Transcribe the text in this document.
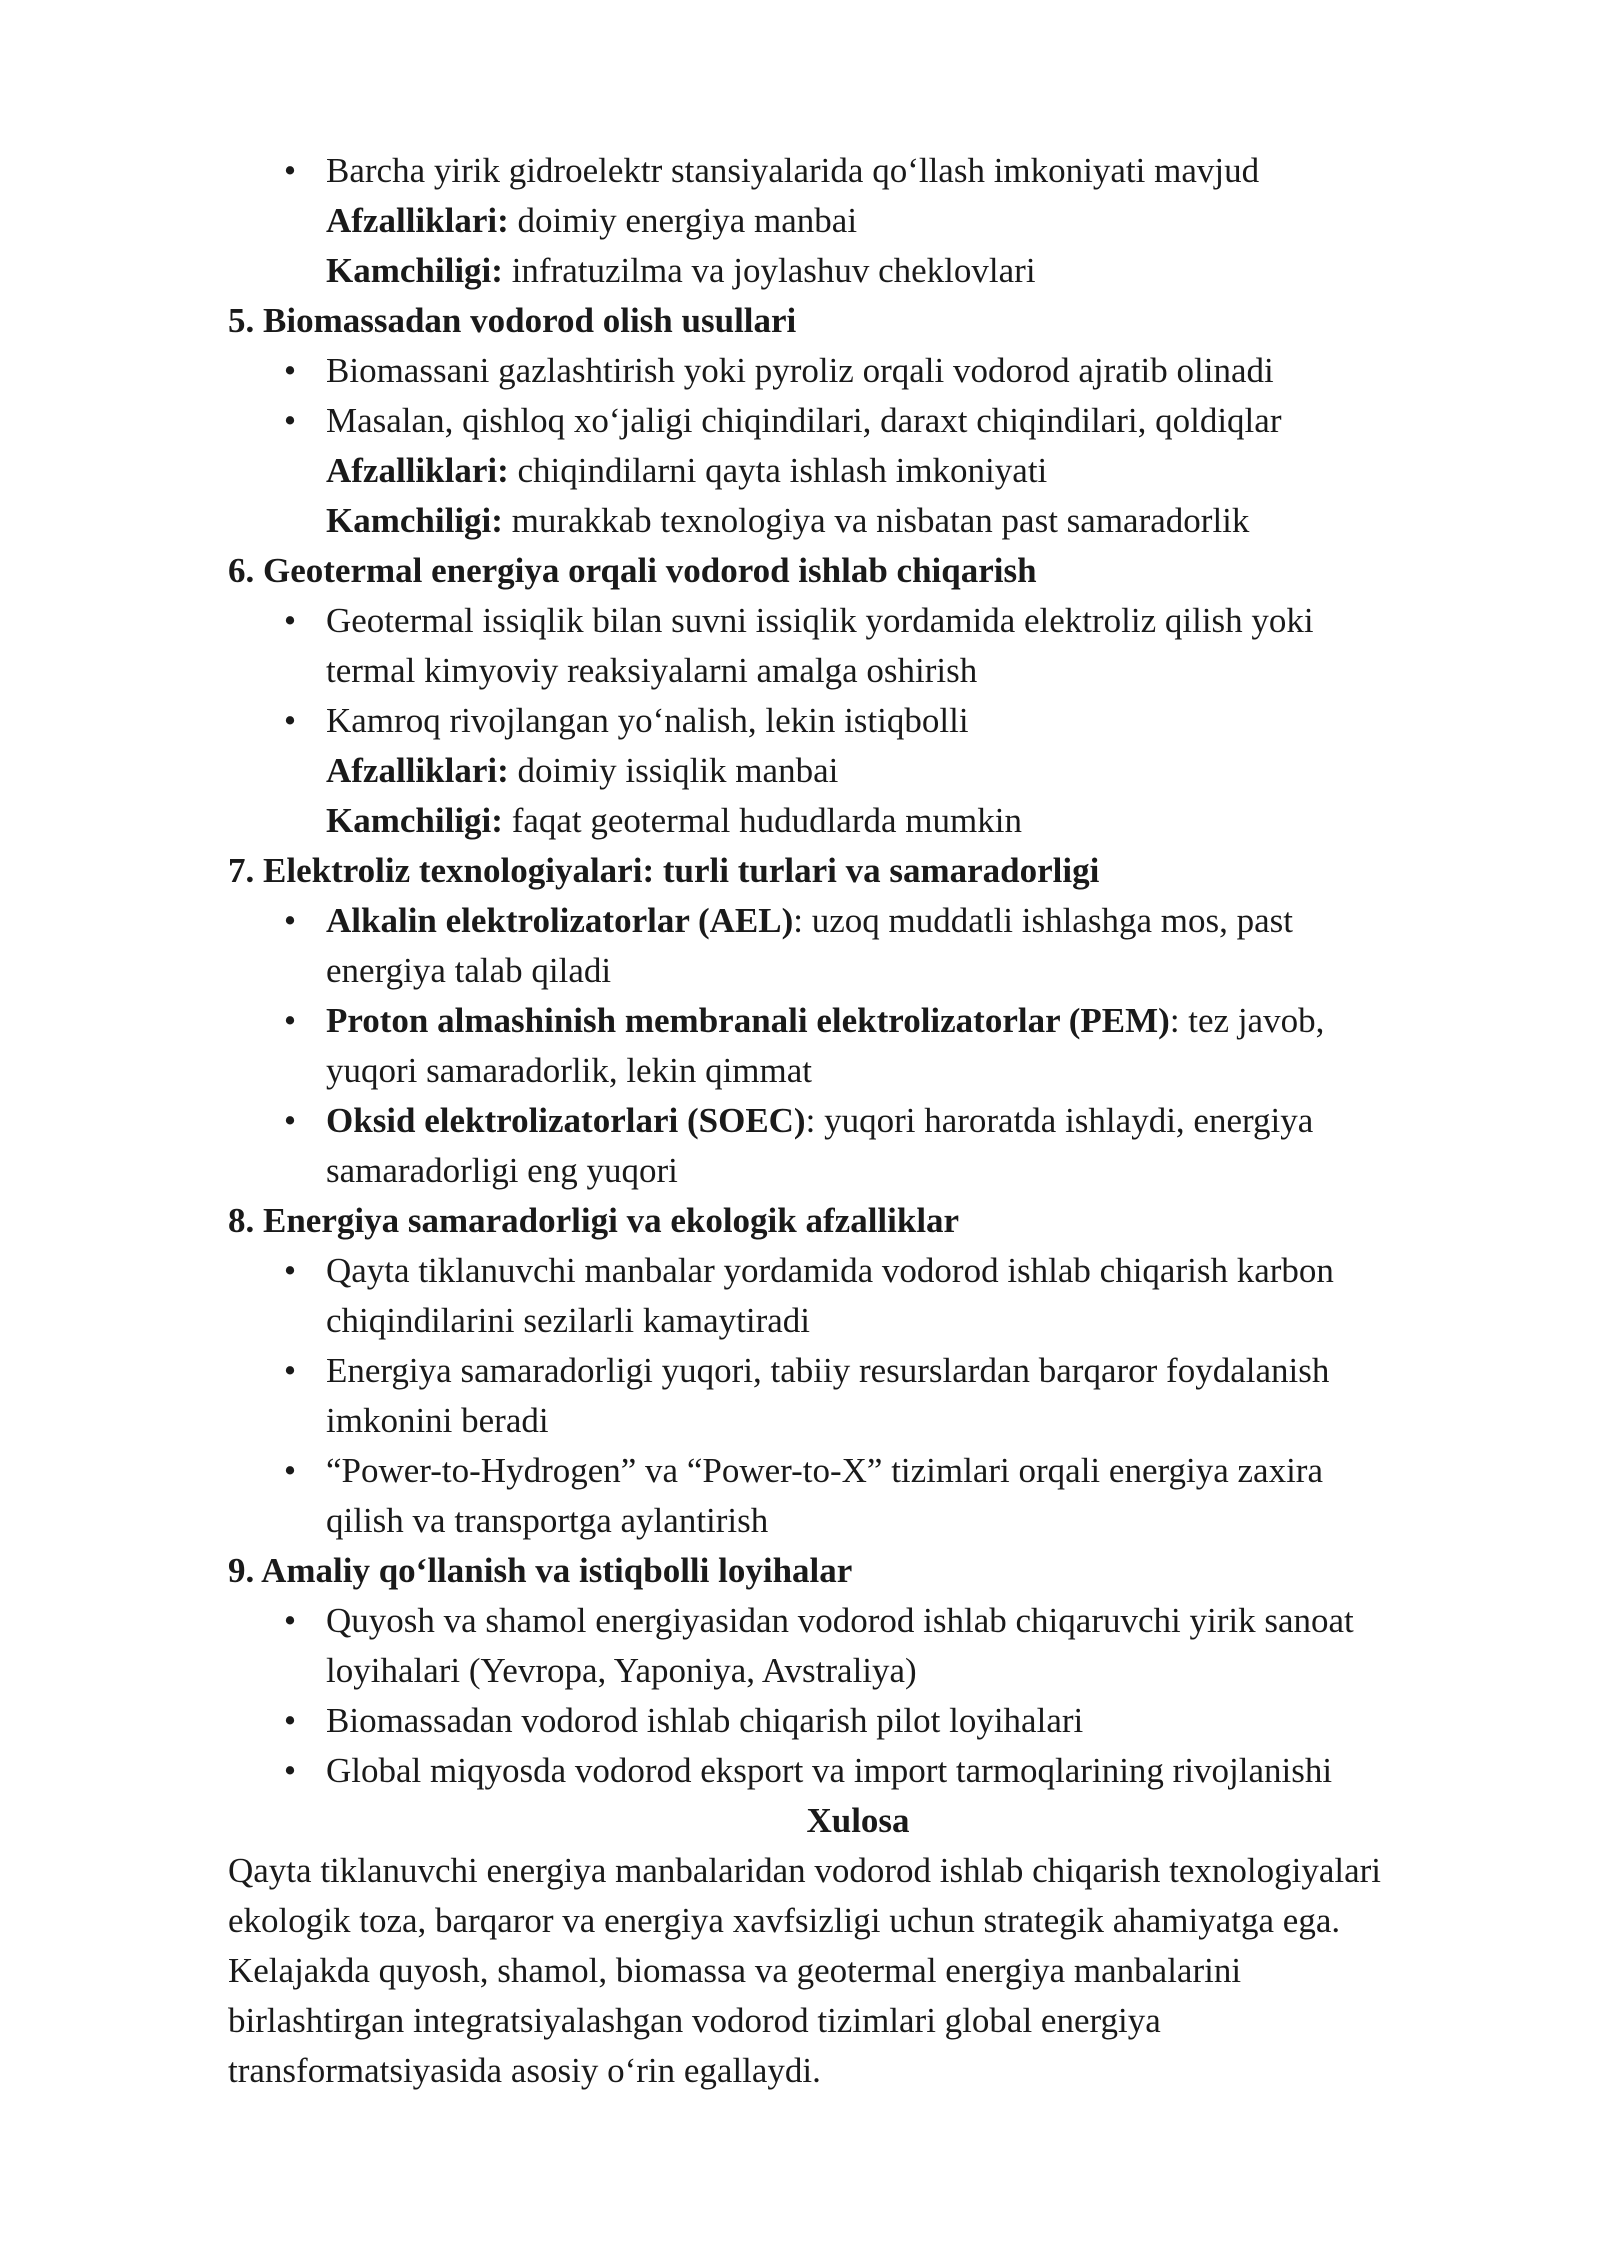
• Barcha yirik gidroelektr stansiyalarida qo‘llash imkoniyati mavjud
Afzalliklari: doimiy energiya manbai
Kamchiligi: infratuzilma va joylashuv cheklovlari
5. Biomassadan vodorod olish usullari
• Biomassani gazlashtirish yoki pyroliz orqali vodorod ajratib olinadi
• Masalan, qishloq xo‘jaligi chiqindilari, daraxt chiqindilari, qoldiqlar
Afzalliklari: chiqindilarni qayta ishlash imkoniyati
Kamchiligi: murakkab texnologiya va nisbatan past samaradorlik
6. Geotermal energiya orqali vodorod ishlab chiqarish
• Geotermal issiqlik bilan suvni issiqlik yordamida elektroliz qilish yoki
termal kimyoviy reaksiyalarni amalga oshirish
• Kamroq rivojlangan yo‘nalish, lekin istiqbolli
Afzalliklari: doimiy issiqlik manbai
Kamchiligi: faqat geotermal hududlarda mumkin
7. Elektroliz texnologiyalari: turli turlari va samaradorligi
• Alkalin elektrolizatorlar (AEL): uzoq muddatli ishlashga mos, past
energiya talab qiladi
• Proton almashinish membranali elektrolizatorlar (PEM): tez javob,
yuqori samaradorlik, lekin qimmat
• Oksid elektrolizatorlari (SOEC): yuqori haroratda ishlaydi, energiya
samaradorligi eng yuqori
8. Energiya samaradorligi va ekologik afzalliklar
• Qayta tiklanuvchi manbalar yordamida vodorod ishlab chiqarish karbon
chiqindilarini sezilarli kamaytiradi
• Energiya samaradorligi yuqori, tabiiy resurslardan barqaror foydalanish
imkonini beradi
• “Power-to-Hydrogen” va “Power-to-X” tizimlari orqali energiya zaxira
qilish va transportga aylantirish
9. Amaliy qo‘llanish va istiqbolli loyihalar
• Quyosh va shamol energiyasidan vodorod ishlab chiqaruvchi yirik sanoat
loyihalari (Yevropa, Yaponiya, Avstraliya)
• Biomassadan vodorod ishlab chiqarish pilot loyihalari
• Global miqyosda vodorod eksport va import tarmoqlarining rivojlanishi
Xulosa
Qayta tiklanuvchi energiya manbalaridan vodorod ishlab chiqarish texnologiyalari
ekologik toza, barqaror va energiya xavfsizligi uchun strategik ahamiyatga ega.
Kelajakda quyosh, shamol, biomassa va geotermal energiya manbalarini
birlashtirgan integratsiyalashgan vodorod tizimlari global energiya
transformatsiyasida asosiy o‘rin egallaydi.
